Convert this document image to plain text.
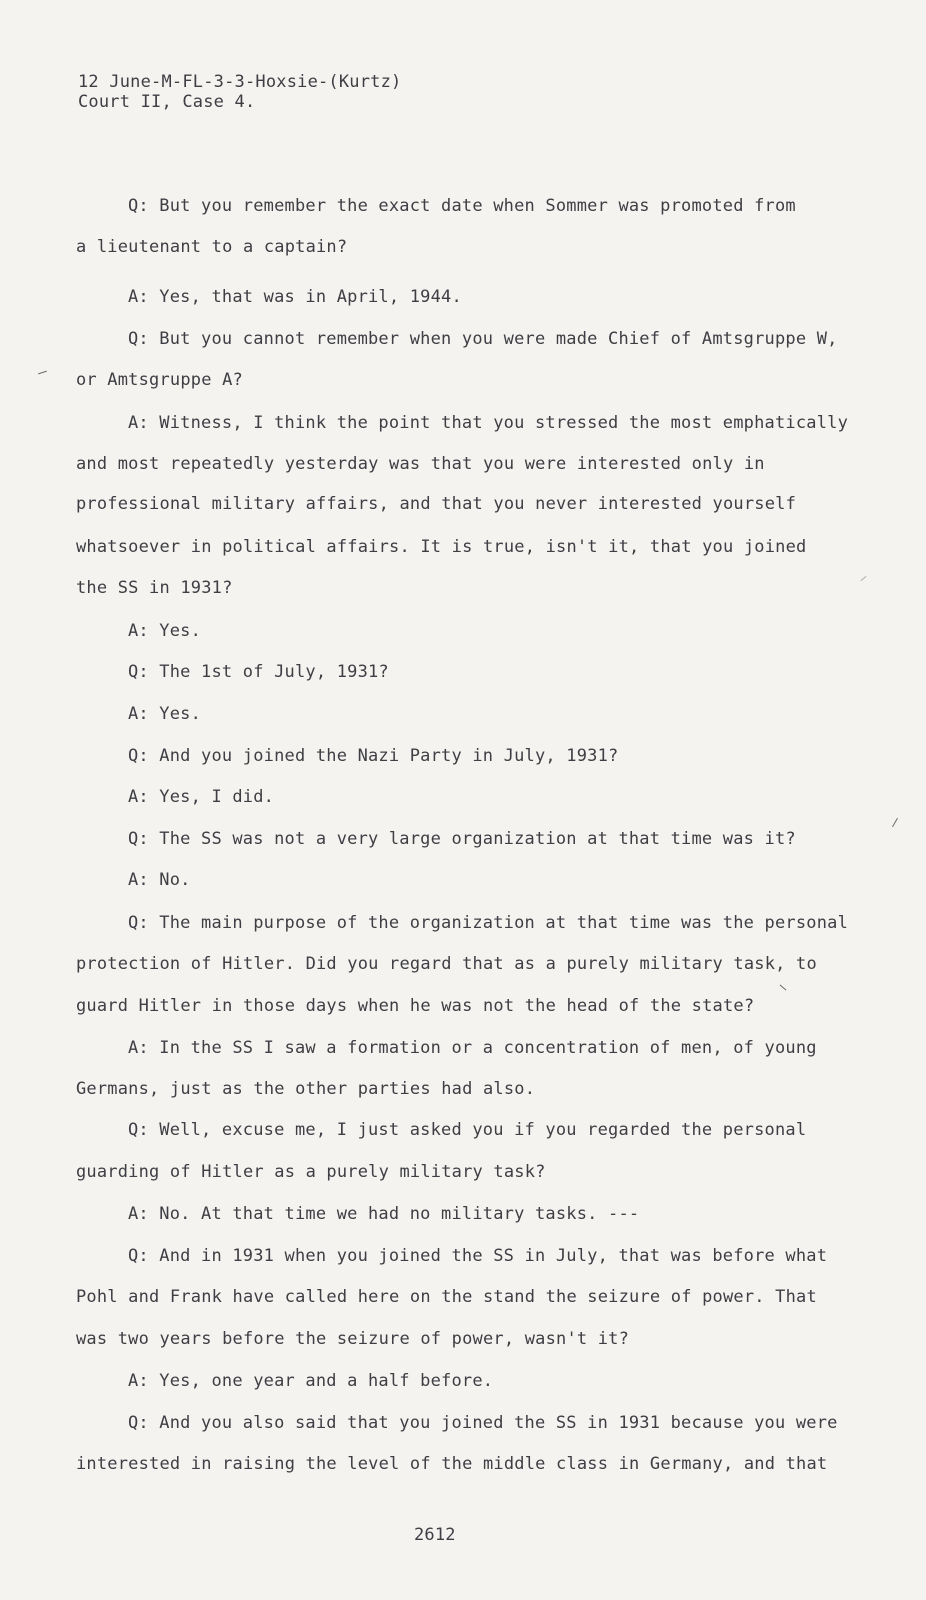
12 June-M-FL-3-3-Hoxsie-(Kurtz)
Court II, Case 4.
Q: But you remember the exact date when Sommer was promoted from
a lieutenant to a captain?
A: Yes, that was in April, 1944.
Q: But you cannot remember when you were made Chief of Amtsgruppe W,
or Amtsgruppe A?
A: Witness, I think the point that you stressed the most emphatically
and most repeatedly yesterday was that you were interested only in
professional military affairs, and that you never interested yourself
whatsoever in political affairs. It is true, isn't it, that you joined
the SS in 1931?
A: Yes.
Q: The 1st of July, 1931?
A: Yes.
Q: And you joined the Nazi Party in July, 1931?
A: Yes, I did.
Q: The SS was not a very large organization at that time was it?
A: No.
Q: The main purpose of the organization at that time was the personal
protection of Hitler. Did you regard that as a purely military task, to
guard Hitler in those days when he was not the head of the state?
A: In the SS I saw a formation or a concentration of men, of young
Germans, just as the other parties had also.
Q: Well, excuse me, I just asked you if you regarded the personal
guarding of Hitler as a purely military task?
A: No. At that time we had no military tasks. ---
Q: And in 1931 when you joined the SS in July, that was before what
Pohl and Frank have called here on the stand the seizure of power. That
was two years before the seizure of power, wasn't it?
A: Yes, one year and a half before.
Q: And you also said that you joined the SS in 1931 because you were
interested in raising the level of the middle class in Germany, and that
2612
